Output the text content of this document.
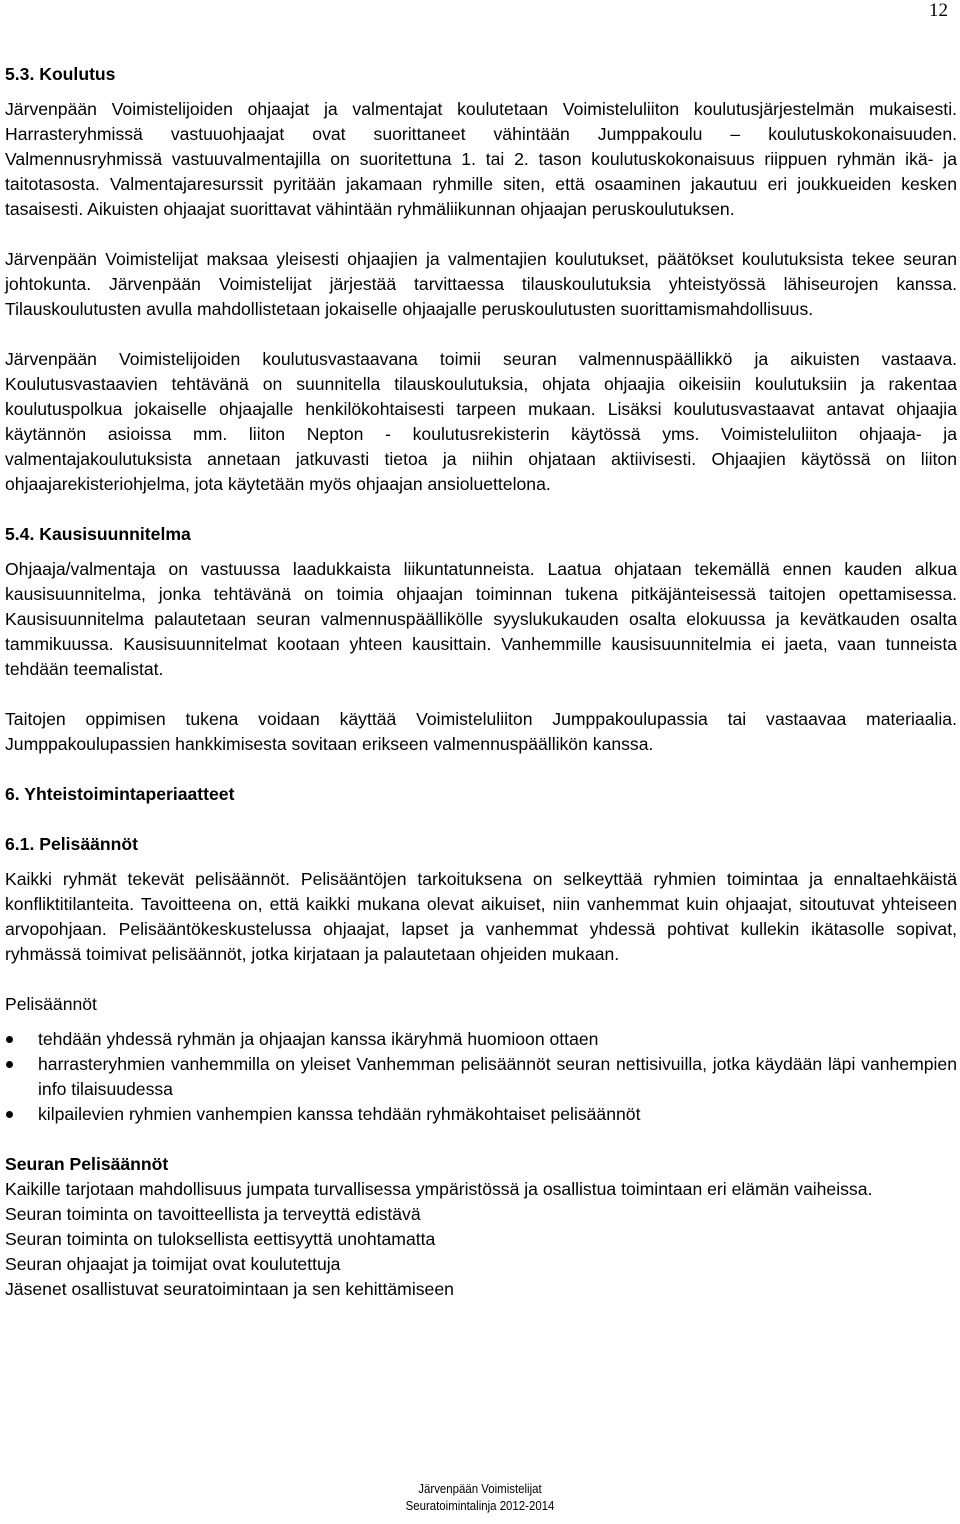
12
5.3. Koulutus

Järvenpään Voimistelijoiden ohjaajat ja valmentajat koulutetaan Voimisteluliiton koulutusjärjestelmän mukaisesti. Harrasteryhmissä vastuuohjaajat ovat suorittaneet vähintään Jumppakoulu – koulutuskokonaisuuden. Valmennusryhmissä vastuuvalmentajilla on suoritettuna 1. tai 2. tason koulutuskokonaisuus riippuen ryhmän ikä- ja taitotasosta. Valmentajaresurssit pyritään jakamaan ryhmille siten, että osaaminen jakautuu eri joukkueiden kesken tasaisesti. Aikuisten ohjaajat suorittavat vähintään ryhmäliikunnan ohjaajan peruskoulutuksen.

Järvenpään Voimistelijat maksaa yleisesti ohjaajien ja valmentajien koulutukset, päätökset koulutuksista tekee seuran johtokunta. Järvenpään Voimistelijat järjestää tarvittaessa tilauskoulutuksia yhteistyössä lähiseurojen kanssa. Tilauskoulutusten avulla mahdollistetaan jokaiselle ohjaajalle peruskoulutusten suorittamismahdollisuus.

Järvenpään Voimistelijoiden koulutusvastaavana toimii seuran valmennuspäällikkö ja aikuisten vastaava. Koulutusvastaavien tehtävänä on suunnitella tilauskoulutuksia, ohjata ohjaajia oikeisiin koulutuksiin ja rakentaa koulutuspolkua jokaiselle ohjaajalle henkilökohtaisesti tarpeen mukaan. Lisäksi koulutusvastaavat antavat ohjaajia käytännön asioissa mm. liiton Nepton - koulutusrekisterin käytössä yms. Voimisteluliiton ohjaaja- ja valmentajakoulutuksista annetaan jatkuvasti tietoa ja niihin ohjataan aktiivisesti. Ohjaajien käytössä on liiton ohjaajarekisteriohjelma, jota käytetään myös ohjaajan ansioluettelona.

5.4. Kausisuunnitelma

Ohjaaja/valmentaja on vastuussa laadukkaista liikuntatunneista. Laatua ohjataan tekemällä ennen kauden alkua kausisuunnitelma, jonka tehtävänä on toimia ohjaajan toiminnan tukena pitkäjänteisessä taitojen opettamisessa. Kausisuunnitelma palautetaan seuran valmennuspäällikölle syyslukukauden osalta elokuussa ja kevätkauden osalta tammikuussa. Kausisuunnitelmat kootaan yhteen kausittain. Vanhemmille kausisuunnitelmia ei jaeta, vaan tunneista tehdään teemalistat.

Taitojen oppimisen tukena voidaan käyttää Voimisteluliiton Jumppakoulupassia tai vastaavaa materiaalia. Jumppakoulupassien hankkimisesta sovitaan erikseen valmennuspäällikön kanssa.

6. Yhteistoimintaperiaatteet
6.1. Pelisäännöt

Kaikki ryhmät tekevät pelisäännöt. Pelisääntöjen tarkoituksena on selkeyttää ryhmien toimintaa ja ennaltaehkäistä konfliktitilanteita. Tavoitteena on, että kaikki mukana olevat aikuiset, niin vanhemmat kuin ohjaajat, sitoutuvat yhteiseen arvopohjaan. Pelisääntökeskustelussa ohjaajat, lapset ja vanhemmat yhdessä pohtivat kullekin ikätasolle sopivat, ryhmässä toimivat pelisäännöt, jotka kirjataan ja palautetaan ohjeiden mukaan.

Pelisäännöt
tehdään yhdessä ryhmän ja ohjaajan kanssa ikäryhmä huomioon ottaen
harrasteryhmien vanhemmilla on yleiset Vanhemman pelisäännöt seuran nettisivuilla, jotka käydään läpi vanhempien info tilaisuudessa
kilpailevien ryhmien vanhempien kanssa tehdään ryhmäkohtaiset pelisäännöt
Seuran Pelisäännöt

Kaikille tarjotaan mahdollisuus jumpata turvallisessa ympäristössä ja osallistua toimintaan eri elämän vaiheissa.

Seuran toiminta on tavoitteellista ja terveyttä edistävä
Seuran toiminta on tuloksellista eettisyyttä unohtamatta
Seuran ohjaajat ja toimijat ovat koulutettuja
Jäsenet osallistuvat seuratoimintaan ja sen kehittämiseen
Järvenpään Voimistelijat
Seuratoimintalinja 2012-2014
